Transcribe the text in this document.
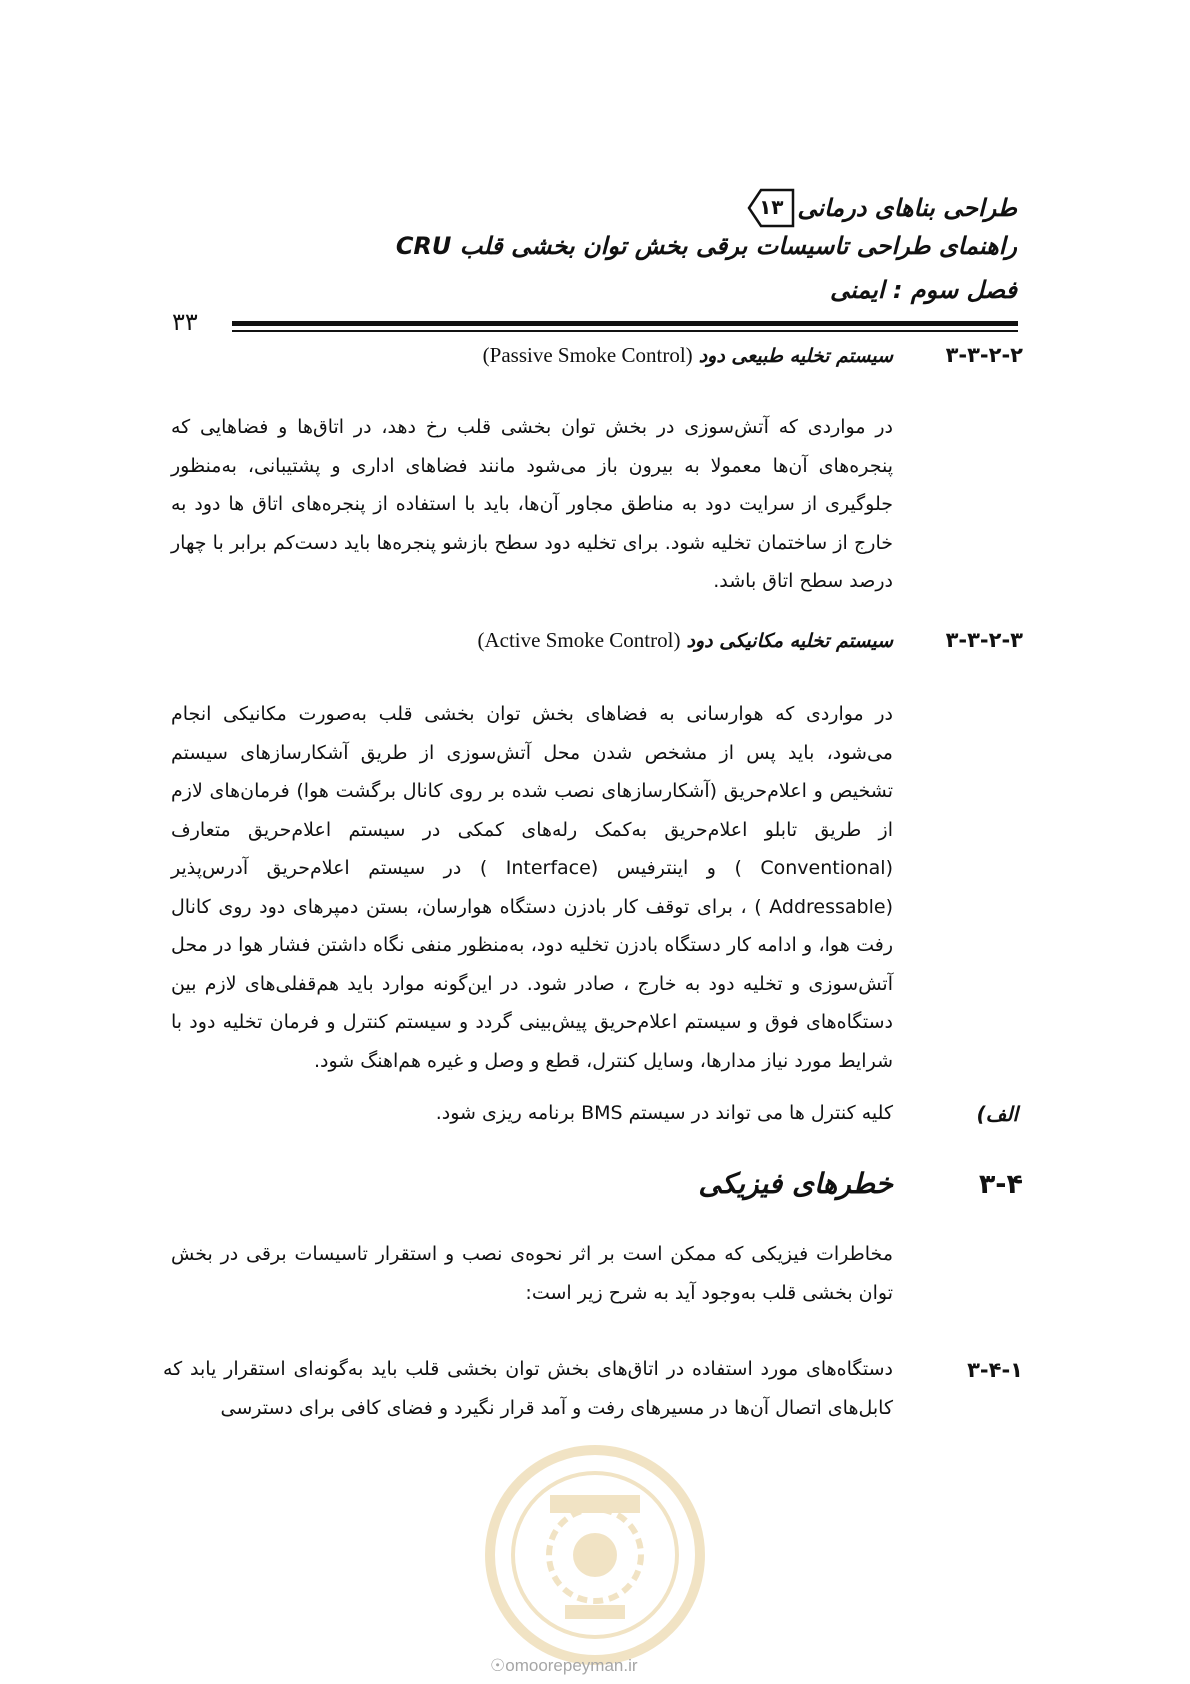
طراحی بناهای درمانی
۱۳
راهنمای طراحی تاسیسات برقی بخش توان بخشی قلب CRU
فصل سوم : ایمنی
۳۳
۳-۳-۲-۲
سیستم تخلیه طبیعی دود (Passive Smoke Control)
در مواردی که آتش‌سوزی در بخش توان بخشی قلب رخ دهد، در اتاق‌ها و فضاهایی که پنجره‌های آن‌ها معمولا به بیرون باز می‌شود مانند فضاهای اداری و پشتیبانی، به‌منظور جلوگیری از سرایت دود به مناطق مجاور آن‌ها، باید با استفاده از پنجره‌های اتاق ها دود به خارج از ساختمان تخلیه شود. برای تخلیه دود سطح بازشو پنجره‌ها باید دست‌کم برابر با چهار درصد سطح اتاق باشد.
۳-۳-۲-۳
سیستم تخلیه مکانیکی دود (Active Smoke Control)
در مواردی که هوارسانی به فضاهای بخش توان بخشی قلب به‌صورت مکانیکی انجام می‌شود، باید پس از مشخص شدن محل آتش‌سوزی از طریق آشکارسازهای سیستم تشخیص و اعلام‌حریق (آشکارسازهای نصب شده بر روی کانال برگشت هوا) فرمان‌های لازم از طریق تابلو اعلام‌حریق به‌کمک رله‌های کمکی در سیستم اعلام‌حریق متعارف (Conventional ) و اینترفیس (Interface ) در سیستم اعلام‌حریق آدرس‌پذیر (Addressable ) ، برای توقف کار بادزن دستگاه هوارسان، بستن دمپرهای دود روی کانال رفت هوا، و ادامه کار دستگاه بادزن تخلیه دود، به‌منظور منفی نگاه داشتن فشار هوا در محل آتش‌سوزی و تخلیه دود به خارج ، صادر شود. در این‌گونه موارد باید هم‌قفلی‌های لازم بین دستگاه‌های فوق و سیستم اعلام‌حریق پیش‌بینی گردد و سیستم کنترل و فرمان تخلیه دود با شرایط مورد نیاز مدارها، وسایل کنترل، قطع و وصل و غیره هم‌اهنگ شود.
الف)
کلیه کنترل ها می تواند در سیستم BMS برنامه ریزی شود.
۳-۴
خطرهای فیزیکی
مخاطرات فیزیکی که ممکن است بر اثر نحوه‌ی نصب و استقرار تاسیسات برقی در بخش توان بخشی قلب به‌وجود آید به شرح زیر است:
۳-۴-۱
دستگاه‌های مورد استفاده در اتاق‌های بخش توان بخشی قلب باید به‌گونه‌ای استقرار یابد که کابل‌های اتصال آن‌ها در مسیرهای رفت و آمد قرار نگیرد و فضای کافی برای دسترسی
☉omoorepeyman.ir
